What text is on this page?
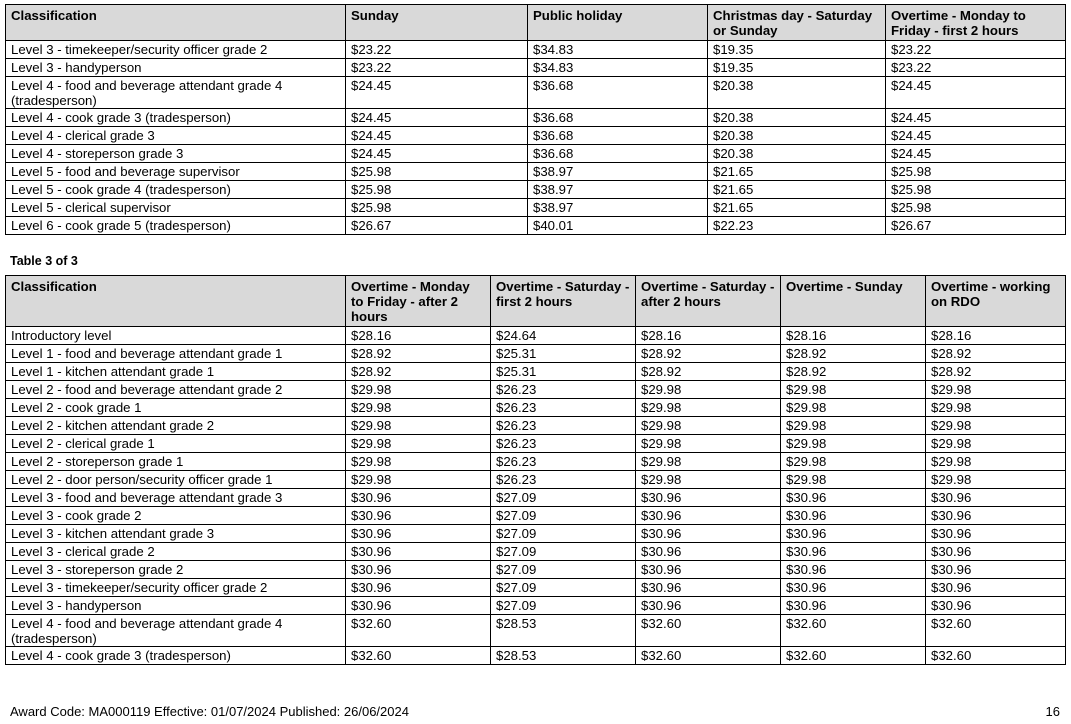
Classification	Sunday	Public holiday	Christmas day - Saturday or Sunday	Overtime - Monday to Friday - first 2 hours
Level 3 - timekeeper/security officer grade 2	$23.22	$34.83	$19.35	$23.22
Level 3 - handyperson	$23.22	$34.83	$19.35	$23.22
Level 4 - food and beverage attendant grade 4 (tradesperson)	$24.45	$36.68	$20.38	$24.45
Level 4 - cook grade 3 (tradesperson)	$24.45	$36.68	$20.38	$24.45
Level 4 - clerical grade 3	$24.45	$36.68	$20.38	$24.45
Level 4 - storeperson grade 3	$24.45	$36.68	$20.38	$24.45
Level 5 - food and beverage supervisor	$25.98	$38.97	$21.65	$25.98
Level 5 - cook grade 4 (tradesperson)	$25.98	$38.97	$21.65	$25.98
Level 5 - clerical supervisor	$25.98	$38.97	$21.65	$25.98
Level 6 - cook grade 5 (tradesperson)	$26.67	$40.01	$22.23	$26.67
Table 3 of 3
Classification	Overtime - Monday to Friday - after 2 hours	Overtime - Saturday - first 2 hours	Overtime - Saturday - after 2 hours	Overtime - Sunday	Overtime - working on RDO
Introductory level	$28.16	$24.64	$28.16	$28.16	$28.16
Level 1 - food and beverage attendant grade 1	$28.92	$25.31	$28.92	$28.92	$28.92
Level 1 - kitchen attendant grade 1	$28.92	$25.31	$28.92	$28.92	$28.92
Level 2 - food and beverage attendant grade 2	$29.98	$26.23	$29.98	$29.98	$29.98
Level 2 - cook grade 1	$29.98	$26.23	$29.98	$29.98	$29.98
Level 2 - kitchen attendant grade 2	$29.98	$26.23	$29.98	$29.98	$29.98
Level 2 - clerical grade 1	$29.98	$26.23	$29.98	$29.98	$29.98
Level 2 - storeperson grade 1	$29.98	$26.23	$29.98	$29.98	$29.98
Level 2 - door person/security officer grade 1	$29.98	$26.23	$29.98	$29.98	$29.98
Level 3 - food and beverage attendant grade 3	$30.96	$27.09	$30.96	$30.96	$30.96
Level 3 - cook grade 2	$30.96	$27.09	$30.96	$30.96	$30.96
Level 3 - kitchen attendant grade 3	$30.96	$27.09	$30.96	$30.96	$30.96
Level 3 - clerical grade 2	$30.96	$27.09	$30.96	$30.96	$30.96
Level 3 - storeperson grade 2	$30.96	$27.09	$30.96	$30.96	$30.96
Level 3 - timekeeper/security officer grade 2	$30.96	$27.09	$30.96	$30.96	$30.96
Level 3 - handyperson	$30.96	$27.09	$30.96	$30.96	$30.96
Level 4 - food and beverage attendant grade 4 (tradesperson)	$32.60	$28.53	$32.60	$32.60	$32.60
Level 4 - cook grade 3 (tradesperson)	$32.60	$28.53	$32.60	$32.60	$32.60
Award Code: MA000119 Effective: 01/07/2024 Published: 26/06/2024	16
